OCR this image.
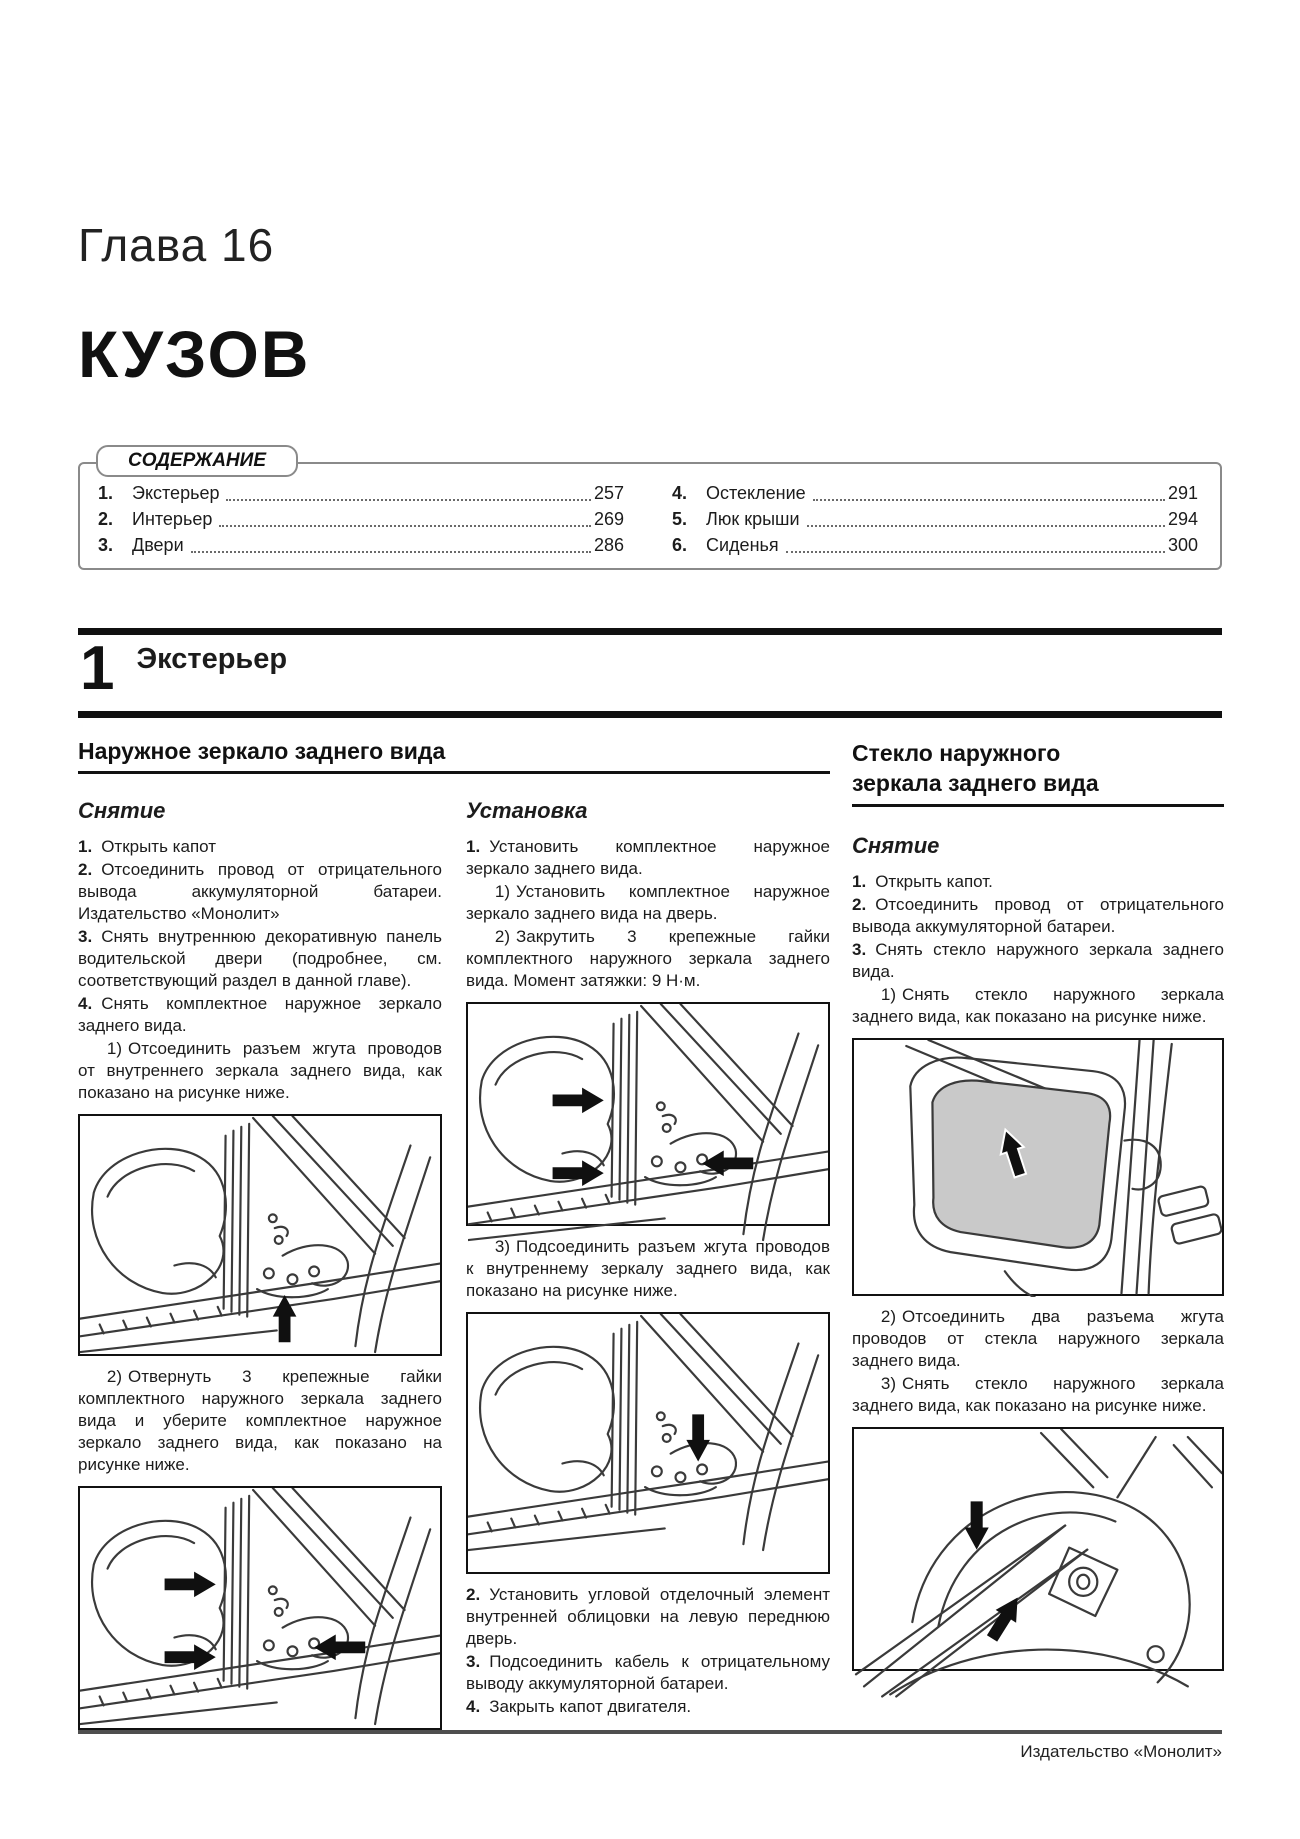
Глава 16
КУЗОВ
СОДЕРЖАНИЕ
1.	Экстерьер	257
2.	Интерьер	269
3.	Двери	286
4.	Остекление	291
5.	Люк крыши	294
6.	Сиденья	300
1 Экстерьер
Наружное зеркало заднего вида
Снятие

1. Открыть капот

2. Отсоединить провод от отрицательного вывода аккумуляторной батареи. Издательство «Монолит»

3. Снять внутреннюю декоративную панель водительской двери (подробнее, см. соответствующий раздел в данной главе).

4. Снять комплектное наружное зеркало заднего вида.

1) Отсоединить разъем жгута проводов от внутреннего зеркала заднего вида, как показано на рисунке ниже.

2) Отвернуть 3 крепежные гайки комплектного наружного зеркала заднего вида и уберите комплектное наружное зеркало заднего вида, как показано на рисунке ниже.

Установка

1. Установить комплектное наружное зеркало заднего вида.

1) Установить комплектное наружное зеркало заднего вида на дверь.

2) Закрутить 3 крепежные гайки комплектного наружного зеркала заднего вида. Момент затяжки: 9 Н·м.

3) Подсоединить разъем жгута проводов к внутреннему зеркалу заднего вида, как показано на рисунке ниже.

2. Установить угловой отделочный элемент внутренней облицовки на левую переднюю дверь.

3. Подсоединить кабель к отрицательному выводу аккумуляторной батареи.

4. Закрыть капот двигателя.

Стекло наружного
зеркала заднего вида
Снятие

1. Открыть капот.

2. Отсоединить провод от отрицательного вывода аккумуляторной батареи.

3. Снять стекло наружного зеркала заднего вида.

1) Снять стекло наружного зеркала заднего вида, как показано на рисунке ниже.

2) Отсоединить два разъема жгута проводов от стекла наружного зеркала заднего вида.

3) Снять стекло наружного зеркала заднего вида, как показано на рисунке ниже.

Издательство «Монолит»
